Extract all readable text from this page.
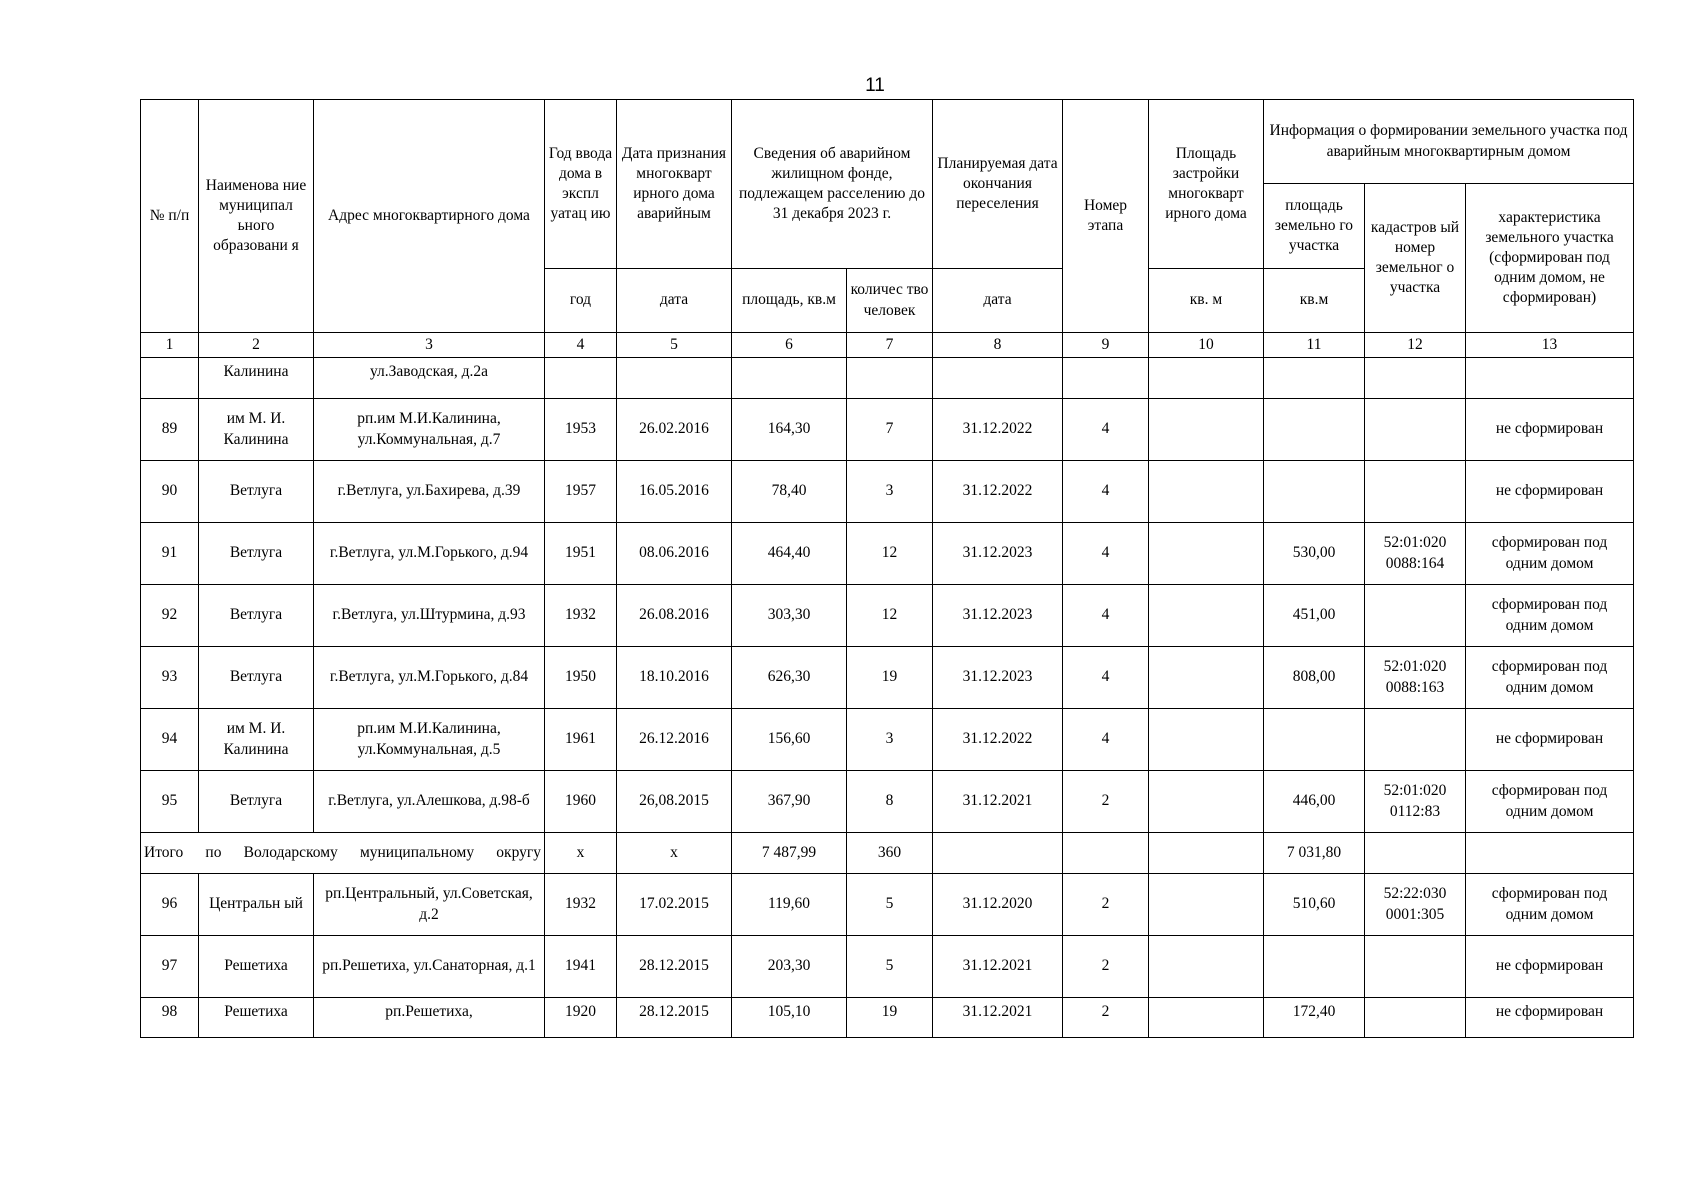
11
№ п/п	Наименова ние муниципал ьного образовани я	Адрес многоквартирного дома	Год ввода дома в экспл уатац ию	Дата признания многокварт ирного дома аварийным	Сведения об аварийном жилищном фонде, подлежащем расселению до 31 декабря 2023 г.		Планируемая дата окончания переселения	Номер этапа	Площадь застройки многокварт ирного дома	Информация о формировании земельного участка под аварийным многоквартирным домом		
										площадь земельно го участка	кадастров ый номер земельног о участка	характеристика земельного участка (сформирован под одним домом, не сформирован)
			год	дата	площадь, кв.м	количес тво человек	дата		кв. м	кв.м		
1	2	3	4	5	6	7	8	9	10	11	12	13
	Калинина	ул.Заводская, д.2а										
89	им М. И. Калинина	рп.им М.И.Калинина, ул.Коммунальная, д.7	1953	26.02.2016	164,30	7	31.12.2022	4				не сформирован
90	Ветлуга	г.Ветлуга, ул.Бахирева, д.39	1957	16.05.2016	78,40	3	31.12.2022	4				не сформирован
91	Ветлуга	г.Ветлуга, ул.М.Горького, д.94	1951	08.06.2016	464,40	12	31.12.2023	4		530,00	52:01:020 0088:164	сформирован под одним домом
92	Ветлуга	г.Ветлуга, ул.Штурмина, д.93	1932	26.08.2016	303,30	12	31.12.2023	4		451,00		сформирован под одним домом
93	Ветлуга	г.Ветлуга, ул.М.Горького, д.84	1950	18.10.2016	626,30	19	31.12.2023	4		808,00	52:01:020 0088:163	сформирован под одним домом
94	им М. И. Калинина	рп.им М.И.Калинина, ул.Коммунальная, д.5	1961	26.12.2016	156,60	3	31.12.2022	4				не сформирован
95	Ветлуга	г.Ветлуга, ул.Алешкова, д.98-б	1960	26,08.2015	367,90	8	31.12.2021	2		446,00	52:01:020 0112:83	сформирован под одним домом
Итого по Володарскому муниципальному округу			x	x	7 487,99	360				7 031,80		
96	Центральн ый	рп.Центральный, ул.Советская, д.2	1932	17.02.2015	119,60	5	31.12.2020	2		510,60	52:22:030 0001:305	сформирован под одним домом
97	Решетиха	рп.Решетиха, ул.Санаторная, д.1	1941	28.12.2015	203,30	5	31.12.2021	2				не сформирован
98	Решетиха	рп.Решетиха,	1920	28.12.2015	105,10	19	31.12.2021	2		172,40		не сформирован
